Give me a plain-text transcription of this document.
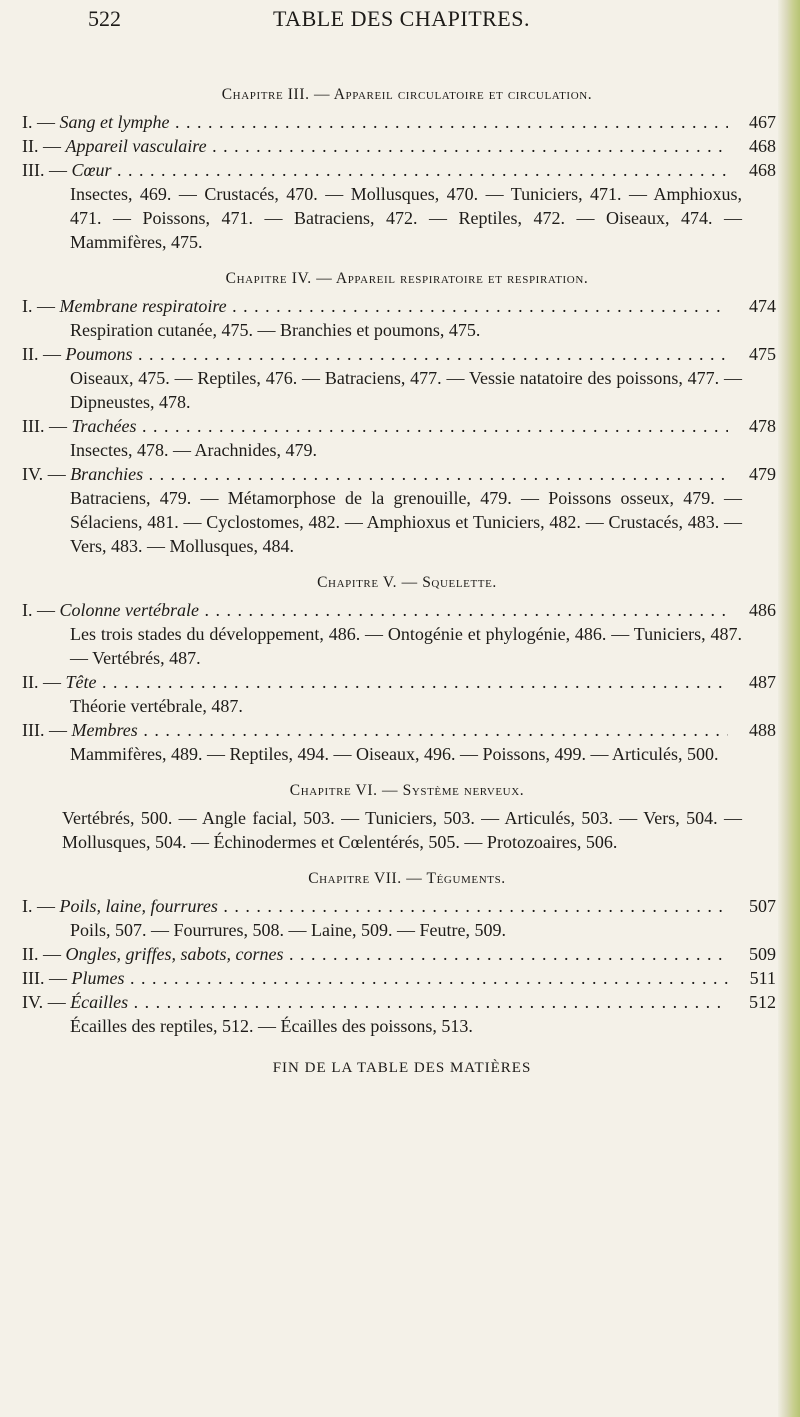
522	TABLE DES CHAPITRES.
Chapitre III. — Appareil circulatoire et circulation.
I. — Sang et lymphe . . .	467
II. — Appareil vasculaire . . .	468
III. — Cœur . . .	468
Insectes, 469. — Crustacés, 470. — Mollusques, 470. — Tuniciers, 471. — Amphioxus, 471. — Poissons, 471. — Batraciens, 472. — Reptiles, 472. — Oiseaux, 474. — Mammifères, 475.
Chapitre IV. — Appareil respiratoire et respiration.
I. — Membrane respiratoire . . .	474
Respiration cutanée, 475. — Branchies et poumons, 475.
II. — Poumons . . .	475
Oiseaux, 475. — Reptiles, 476. — Batraciens, 477. — Vessie natatoire des poissons, 477. — Dipneustes, 478.
III. — Trachées . . .	478
Insectes, 478. — Arachnides, 479.
IV. — Branchies . . .	479
Batraciens, 479. — Métamorphose de la grenouille, 479. — Poissons osseux, 479. — Sélaciens, 481. — Cyclostomes, 482. — Amphioxus et Tuniciers, 482. — Crustacés, 483. — Vers, 483. — Mollusques, 484.
Chapitre V. — Squelette.
I. — Colonne vertébrale . . .	486
Les trois stades du développement, 486. — Ontogénie et phylogénie, 486. — Tuniciers, 487. — Vertébrés, 487.
II. — Tête . . .	487
Théorie vertébrale, 487.
III. — Membres . . .	488
Mammifères, 489. — Reptiles, 494. — Oiseaux, 496. — Poissons, 499. — Articulés, 500.
Chapitre VI. — Système nerveux.
Vertébrés, 500. — Angle facial, 503. — Tuniciers, 503. — Articulés, 503. — Vers, 504. — Mollusques, 504. — Échinodermes et Cœlentérés, 505. — Protozoaires, 506.
Chapitre VII. — Téguments.
I. — Poils, laine, fourrures . . .	507
Poils, 507. — Fourrures, 508. — Laine, 509. — Feutre, 509.
II. — Ongles, griffes, sabots, cornes . . .	509
III. — Plumes . . .	511
IV. — Écailles . . .	512
Écailles des reptiles, 512. — Écailles des poissons, 513.
FIN DE LA TABLE DES MATIÈRES
